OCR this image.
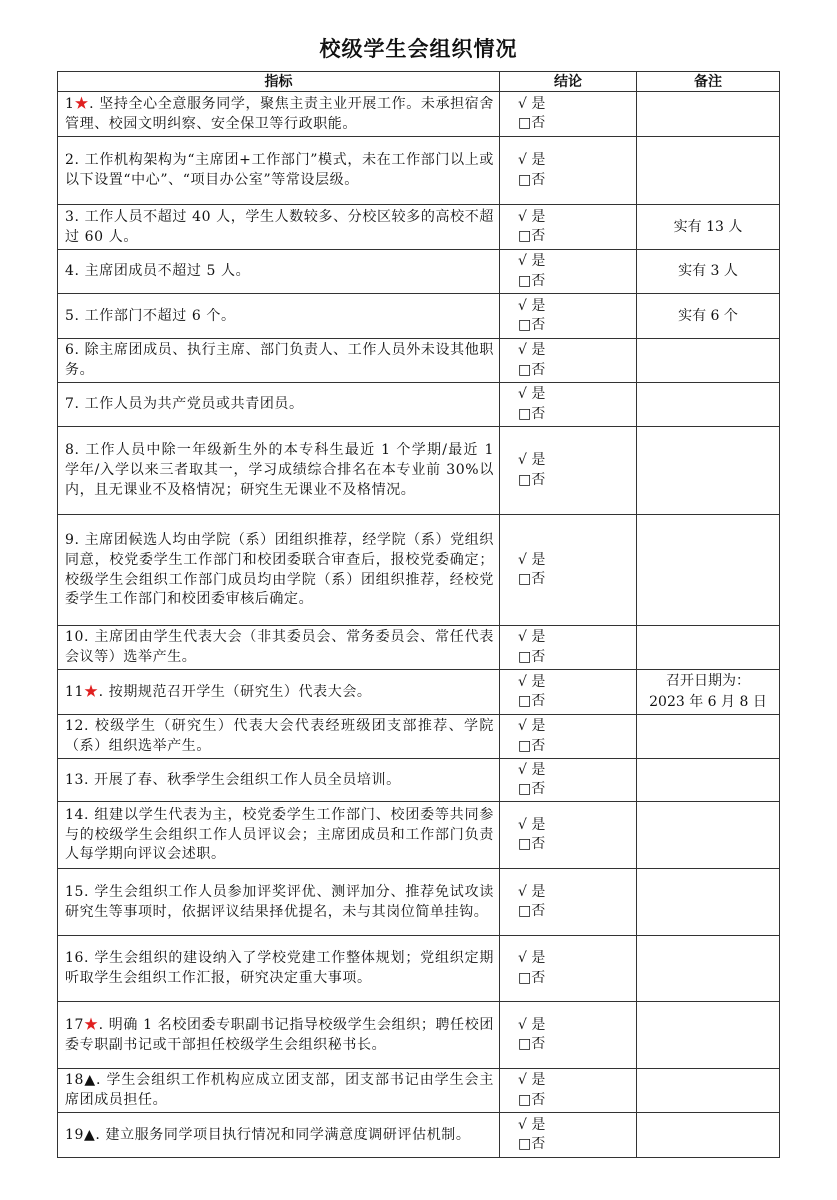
校级学生会组织情况
指标	结论	备注
1★. 坚持全心全意服务同学，聚焦主责主业开展工作。未承担宿舍管理、校园文明纠察、安全保卫等行政职能。	√ 是
□否	

2. 工作机构架构为“主席团+工作部门”模式，未在工作部门以上或以下设置“中心”、“项目办公室”等常设层级。	√ 是
□否	

3. 工作人员不超过 40 人，学生人数较多、分校区较多的高校不超过 60 人。	√ 是
□否	实有 13 人

4. 主席团成员不超过 5 人。	√ 是
□否	实有 3 人

5. 工作部门不超过 6 个。	√ 是
□否	实有 6 个

6. 除主席团成员、执行主席、部门负责人、工作人员外未设其他职务。	√ 是
□否	

7. 工作人员为共产党员或共青团员。	√ 是
□否	

8. 工作人员中除一年级新生外的本专科生最近 1 个学期/最近 1 学年/入学以来三者取其一，学习成绩综合排名在本专业前 30%以内，且无课业不及格情况；研究生无课业不及格情况。	√ 是
□否	

9. 主席团候选人均由学院（系）团组织推荐，经学院（系）党组织同意，校党委学生工作部门和校团委联合审查后，报校党委确定；校级学生会组织工作部门成员均由学院（系）团组织推荐，经校党委学生工作部门和校团委审核后确定。	√ 是
□否	

10. 主席团由学生代表大会（非其委员会、常务委员会、常任代表会议等）选举产生。	√ 是
□否	

11★. 按期规范召开学生（研究生）代表大会。	√ 是
□否	召开日期为：
2023 年 6 月 8 日

12. 校级学生（研究生）代表大会代表经班级团支部推荐、学院（系）组织选举产生。	√ 是
□否	

13. 开展了春、秋季学生会组织工作人员全员培训。	√ 是
□否	

14. 组建以学生代表为主，校党委学生工作部门、校团委等共同参与的校级学生会组织工作人员评议会；主席团成员和工作部门负责人每学期向评议会述职。	√ 是
□否	

15. 学生会组织工作人员参加评奖评优、测评加分、推荐免试攻读研究生等事项时，依据评议结果择优提名，未与其岗位简单挂钩。	√ 是
□否	

16. 学生会组织的建设纳入了学校党建工作整体规划；党组织定期听取学生会组织工作汇报，研究决定重大事项。	√ 是
□否	

17★. 明确 1 名校团委专职副书记指导校级学生会组织；聘任校团委专职副书记或干部担任校级学生会组织秘书长。	√ 是
□否	

18▲. 学生会组织工作机构应成立团支部，团支部书记由学生会主席团成员担任。	√ 是
□否	

19▲. 建立服务同学项目执行情况和同学满意度调研评估机制。	√ 是
□否	
